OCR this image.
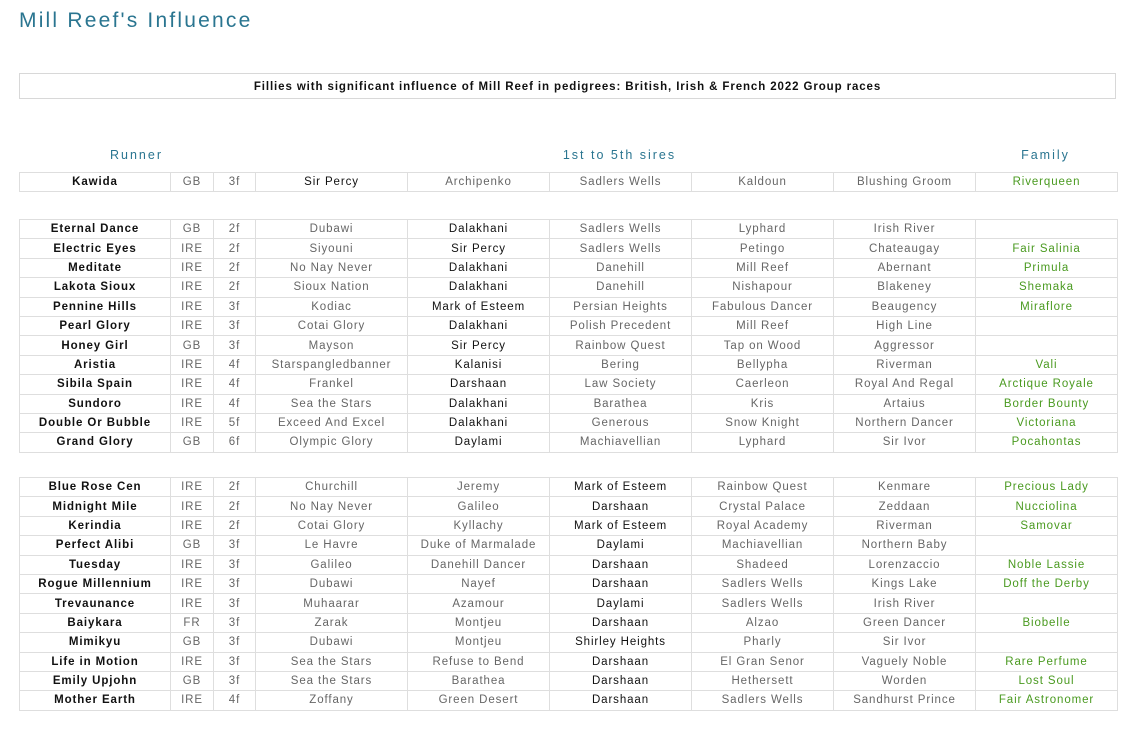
Mill Reef's Influence
Fillies with significant influence of Mill Reef in pedigrees: British, Irish & French 2022 Group races
Runner	1st to 5th sires	Family
Kawida	GB	3f	Sir Percy	Archipenko	Sadlers Wells	Kaldoun	Blushing Groom	Riverqueen
Eternal Dance	GB	2f	Dubawi	Dalakhani	Sadlers Wells	Lyphard	Irish River	
Electric Eyes	IRE	2f	Siyouni	Sir Percy	Sadlers Wells	Petingo	Chateaugay	Fair Salinia
Meditate	IRE	2f	No Nay Never	Dalakhani	Danehill	Mill Reef	Abernant	Primula
Lakota Sioux	IRE	2f	Sioux Nation	Dalakhani	Danehill	Nishapour	Blakeney	Shemaka
Pennine Hills	IRE	3f	Kodiac	Mark of Esteem	Persian Heights	Fabulous Dancer	Beaugency	Miraflore
Pearl Glory	IRE	3f	Cotai Glory	Dalakhani	Polish Precedent	Mill Reef	High Line	
Honey Girl	GB	3f	Mayson	Sir Percy	Rainbow Quest	Tap on Wood	Aggressor	
Aristia	IRE	4f	Starspangledbanner	Kalanisi	Bering	Bellypha	Riverman	Vali
Sibila Spain	IRE	4f	Frankel	Darshaan	Law Society	Caerleon	Royal And Regal	Arctique Royale
Sundoro	IRE	4f	Sea the Stars	Dalakhani	Barathea	Kris	Artaius	Border Bounty
Double Or Bubble	IRE	5f	Exceed And Excel	Dalakhani	Generous	Snow Knight	Northern Dancer	Victoriana
Grand Glory	GB	6f	Olympic Glory	Daylami	Machiavellian	Lyphard	Sir Ivor	Pocahontas
Blue Rose Cen	IRE	2f	Churchill	Jeremy	Mark of Esteem	Rainbow Quest	Kenmare	Precious Lady
Midnight Mile	IRE	2f	No Nay Never	Galileo	Darshaan	Crystal Palace	Zeddaan	Nucciolina
Kerindia	IRE	2f	Cotai Glory	Kyllachy	Mark of Esteem	Royal Academy	Riverman	Samovar
Perfect Alibi	GB	3f	Le Havre	Duke of Marmalade	Daylami	Machiavellian	Northern Baby	
Tuesday	IRE	3f	Galileo	Danehill Dancer	Darshaan	Shadeed	Lorenzaccio	Noble Lassie
Rogue Millennium	IRE	3f	Dubawi	Nayef	Darshaan	Sadlers Wells	Kings Lake	Doff the Derby
Trevaunance	IRE	3f	Muhaarar	Azamour	Daylami	Sadlers Wells	Irish River	
Baiykara	FR	3f	Zarak	Montjeu	Darshaan	Alzao	Green Dancer	Biobelle
Mimikyu	GB	3f	Dubawi	Montjeu	Shirley Heights	Pharly	Sir Ivor	
Life in Motion	IRE	3f	Sea the Stars	Refuse to Bend	Darshaan	El Gran Senor	Vaguely Noble	Rare Perfume
Emily Upjohn	GB	3f	Sea the Stars	Barathea	Darshaan	Hethersett	Worden	Lost Soul
Mother Earth	IRE	4f	Zoffany	Green Desert	Darshaan	Sadlers Wells	Sandhurst Prince	Fair Astronomer
